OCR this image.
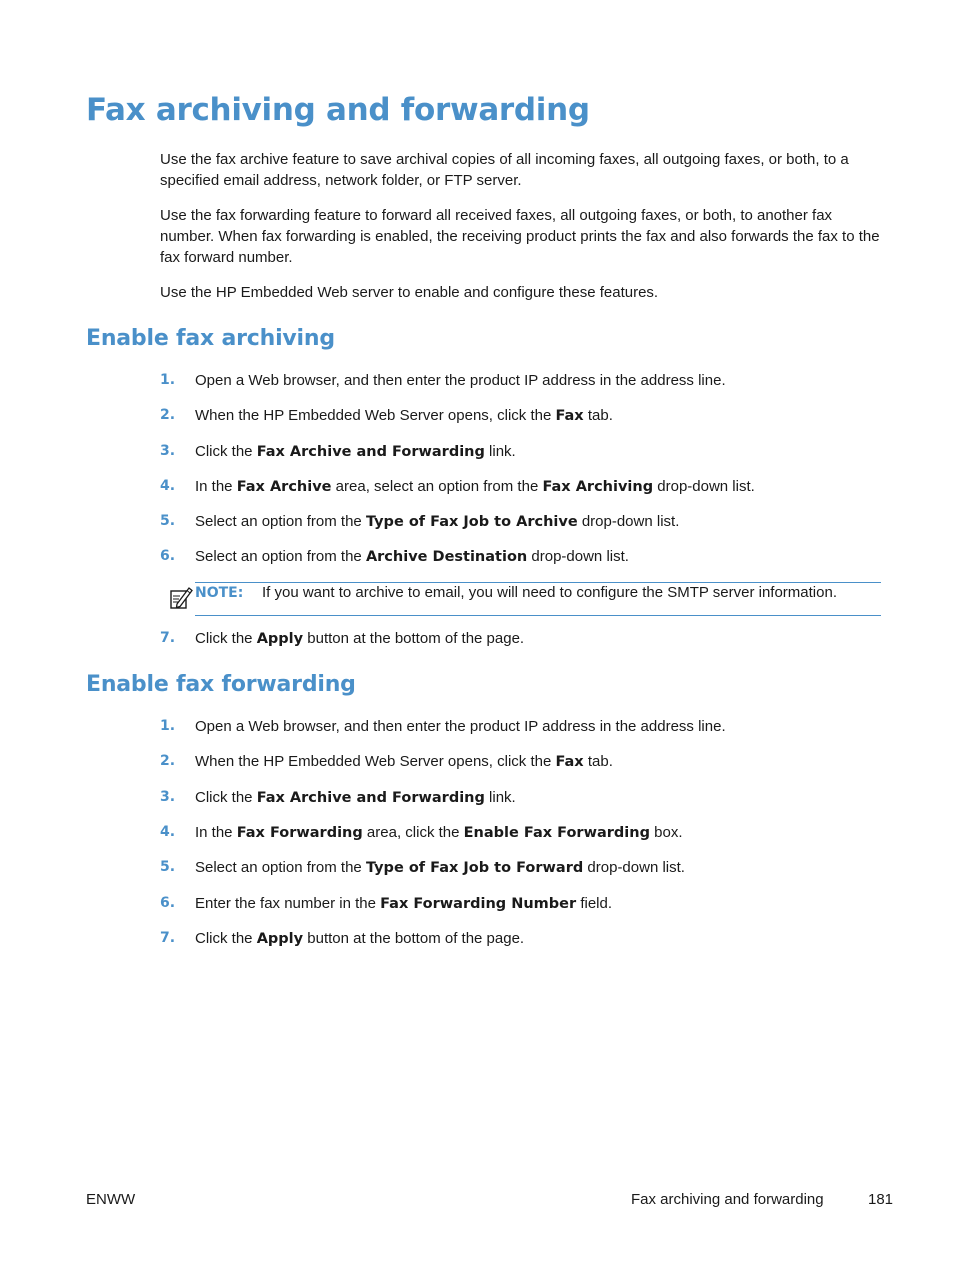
Fax archiving and forwarding

Use the fax archive feature to save archival copies of all incoming faxes, all outgoing faxes, or both, to a specified email address, network folder, or FTP server.

Use the fax forwarding feature to forward all received faxes, all outgoing faxes, or both, to another fax number. When fax forwarding is enabled, the receiving product prints the fax and also forwards the fax to the fax forward number.

Use the HP Embedded Web server to enable and configure these features.

Enable fax archiving
1.	Open a Web browser, and then enter the product IP address in the address line.
2.	When the HP Embedded Web Server opens, click the Fax tab.
3.	Click the Fax Archive and Forwarding link.
4.	In the Fax Archive area, select an option from the Fax Archiving drop-down list.
5.	Select an option from the Type of Fax Job to Archive drop-down list.
6.	Select an option from the Archive Destination drop-down list.
NOTE: If you want to archive to email, you will need to configure the SMTP server information.
7.	Click the Apply button at the bottom of the page.
Enable fax forwarding
1.	Open a Web browser, and then enter the product IP address in the address line.
2.	When the HP Embedded Web Server opens, click the Fax tab.
3.	Click the Fax Archive and Forwarding link.
4.	In the Fax Forwarding area, click the Enable Fax Forwarding box.
5.	Select an option from the Type of Fax Job to Forward drop-down list.
6.	Enter the fax number in the Fax Forwarding Number field.
7.	Click the Apply button at the bottom of the page.
ENWW	Fax archiving and forwarding	181
